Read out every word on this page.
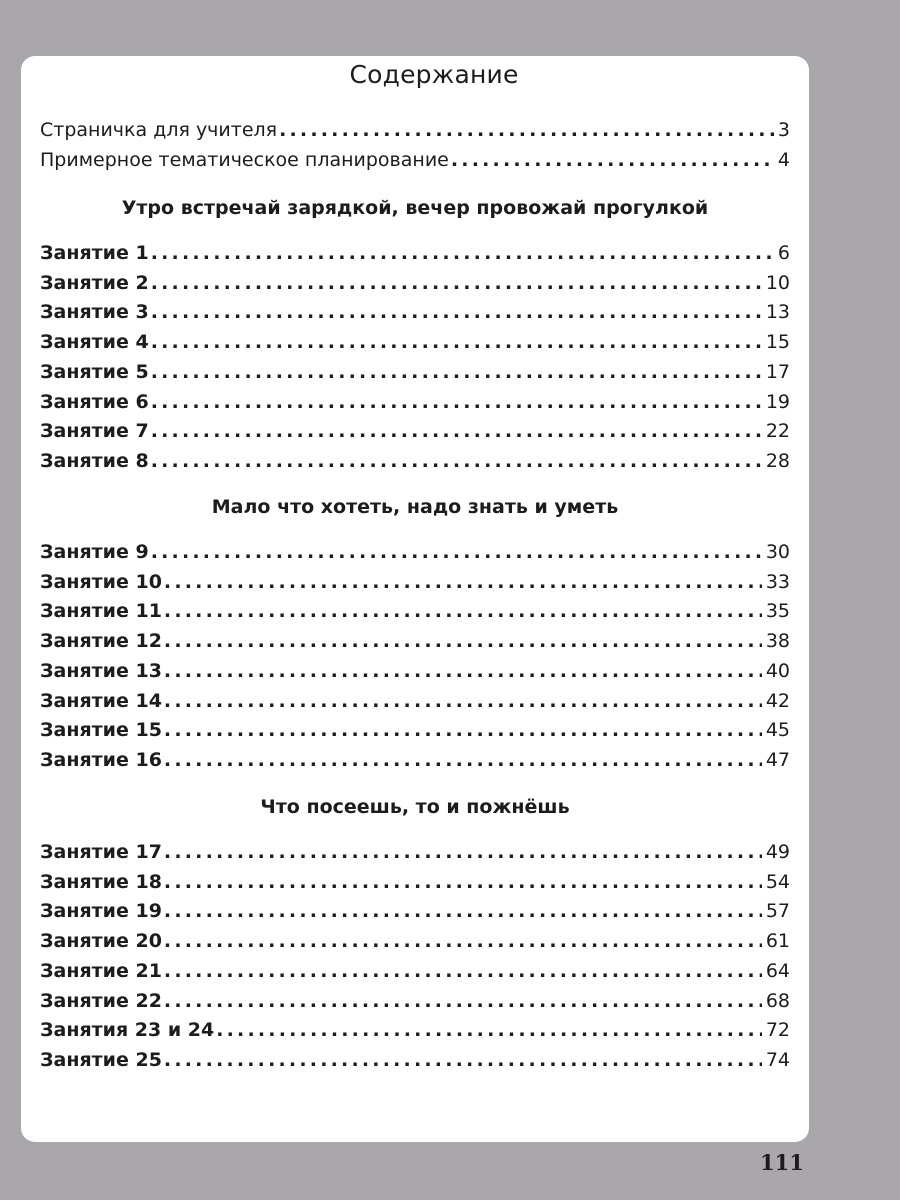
Содержание
Страничка для учителя .....	3
Примерное тематическое планирование .....	4
Утро встречай зарядкой, вечер провожай прогулкой
Занятие 1 .....	6
Занятие 2 .....	10
Занятие 3 .....	13
Занятие 4 .....	15
Занятие 5 .....	17
Занятие 6 .....	19
Занятие 7 .....	22
Занятие 8 .....	28
Мало что хотеть, надо знать и уметь
Занятие 9 .....	30
Занятие 10 .....	33
Занятие 11 .....	35
Занятие 12 .....	38
Занятие 13 .....	40
Занятие 14 .....	42
Занятие 15 .....	45
Занятие 16 .....	47
Что посеешь, то и пожнёшь
Занятие 17 .....	49
Занятие 18 .....	54
Занятие 19 .....	57
Занятие 20 .....	61
Занятие 21 .....	64
Занятие 22 .....	68
Занятия 23 и 24 .....	72
Занятие 25 .....	74
111
